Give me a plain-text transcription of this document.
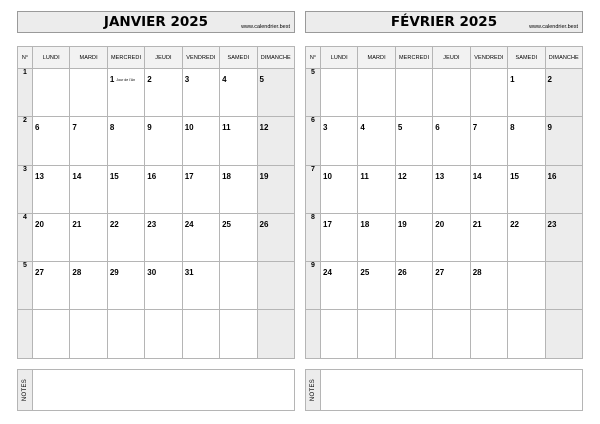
JANVIER 2025	www.calendrier.best
N°	LUNDI	MARDI	MERCREDI	JEUDI	VENDREDI	SAMEDI	DIMANCHE
1			1 Jour de l'An	2	3	4	5
2	6	7	8	9	10	11	12
3	13	14	15	16	17	18	19
4	20	21	22	23	24	25	26
5	27	28	29	30	31		

NOTES
FÉVRIER 2025	www.calendrier.best
N°	LUNDI	MARDI	MERCREDI	JEUDI	VENDREDI	SAMEDI	DIMANCHE
5						1	2
6	3	4	5	6	7	8	9
7	10	11	12	13	14	15	16
8	17	18	19	20	21	22	23
9	24	25	26	27	28		

NOTES
